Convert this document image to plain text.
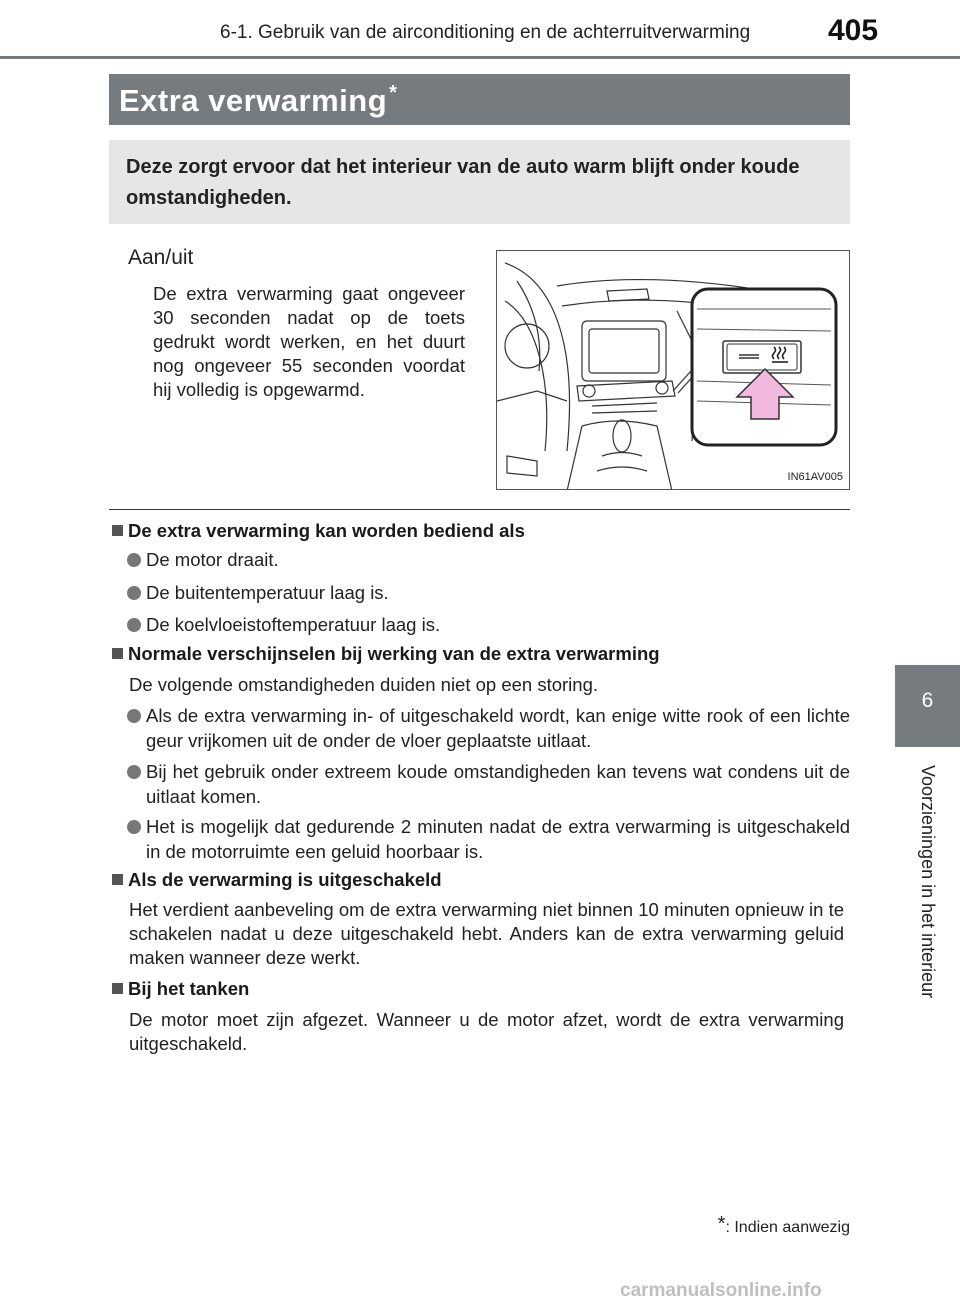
6-1. Gebruik van de airconditioning en de achterruitverwarming	405
6
Voorzieningen in het interieur
Extra verwarming *
Deze zorgt ervoor dat het interieur van de auto warm blijft onder koude omstandigheden.
Aan/uit
De extra verwarming gaat ongeveer 30 seconden nadat op de toets gedrukt wordt werken, en het duurt nog ongeveer 55 seconden voordat hij volledig is opgewarmd.
IN61AV005
De extra verwarming kan worden bediend als
De motor draait.
De buitentemperatuur laag is.
De koelvloeistoftemperatuur laag is.
Normale verschijnselen bij werking van de extra verwarming
De volgende omstandigheden duiden niet op een storing.
Als de extra verwarming in- of uitgeschakeld wordt, kan enige witte rook of een lichte geur vrijkomen uit de onder de vloer geplaatste uitlaat.
Bij het gebruik onder extreem koude omstandigheden kan tevens wat condens uit de uitlaat komen.
Het is mogelijk dat gedurende 2 minuten nadat de extra verwarming is uitgeschakeld in de motorruimte een geluid hoorbaar is.
Als de verwarming is uitgeschakeld
Het verdient aanbeveling om de extra verwarming niet binnen 10 minuten opnieuw in te schakelen nadat u deze uitgeschakeld hebt. Anders kan de extra verwarming geluid maken wanneer deze werkt.
Bij het tanken
De motor moet zijn afgezet. Wanneer u de motor afzet, wordt de extra verwarming uitgeschakeld.
*: Indien aanwezig
carmanualsonline.info
